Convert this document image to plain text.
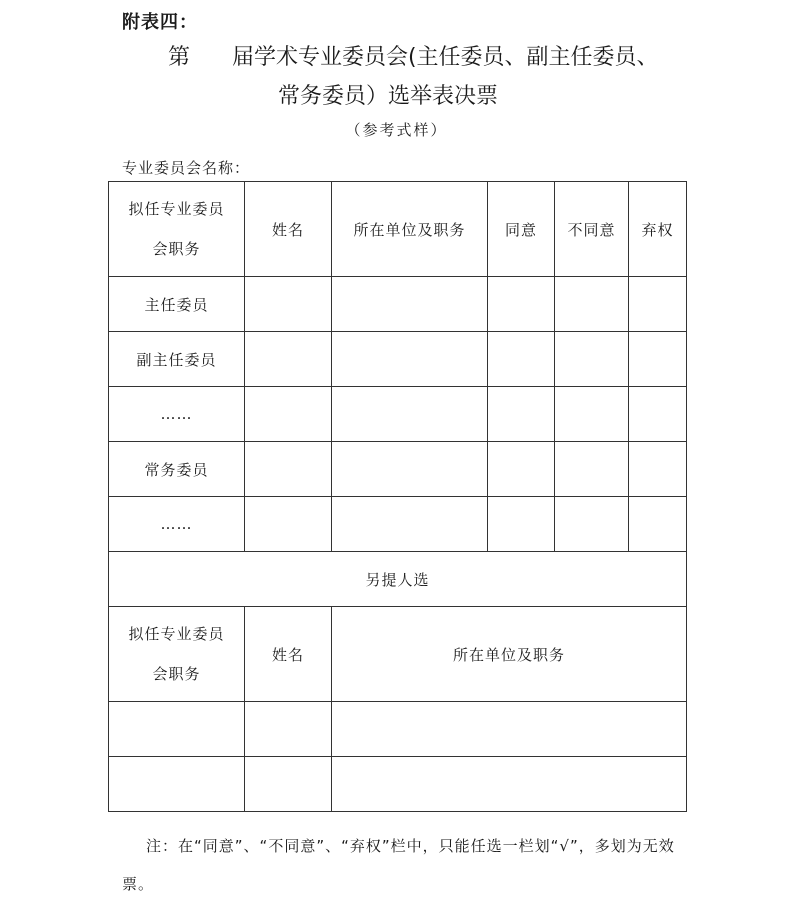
附表四：
第      届学术专业委员会(主任委员、副主任委员、
常务委员）选举表决票
（参考式样）
专业委员会名称：
拟任专业委员
会职务	姓名	所在单位及职务	同意	不同意	弃权
主任委员					
副主任委员					
……					
常务委员					
……					
另提人选					

拟任专业委员
会职务	姓名	所在单位及职务			

注：在“同意”、“不同意”、“弃权”栏中，只能任选一栏划“√”，多划为无效票。
